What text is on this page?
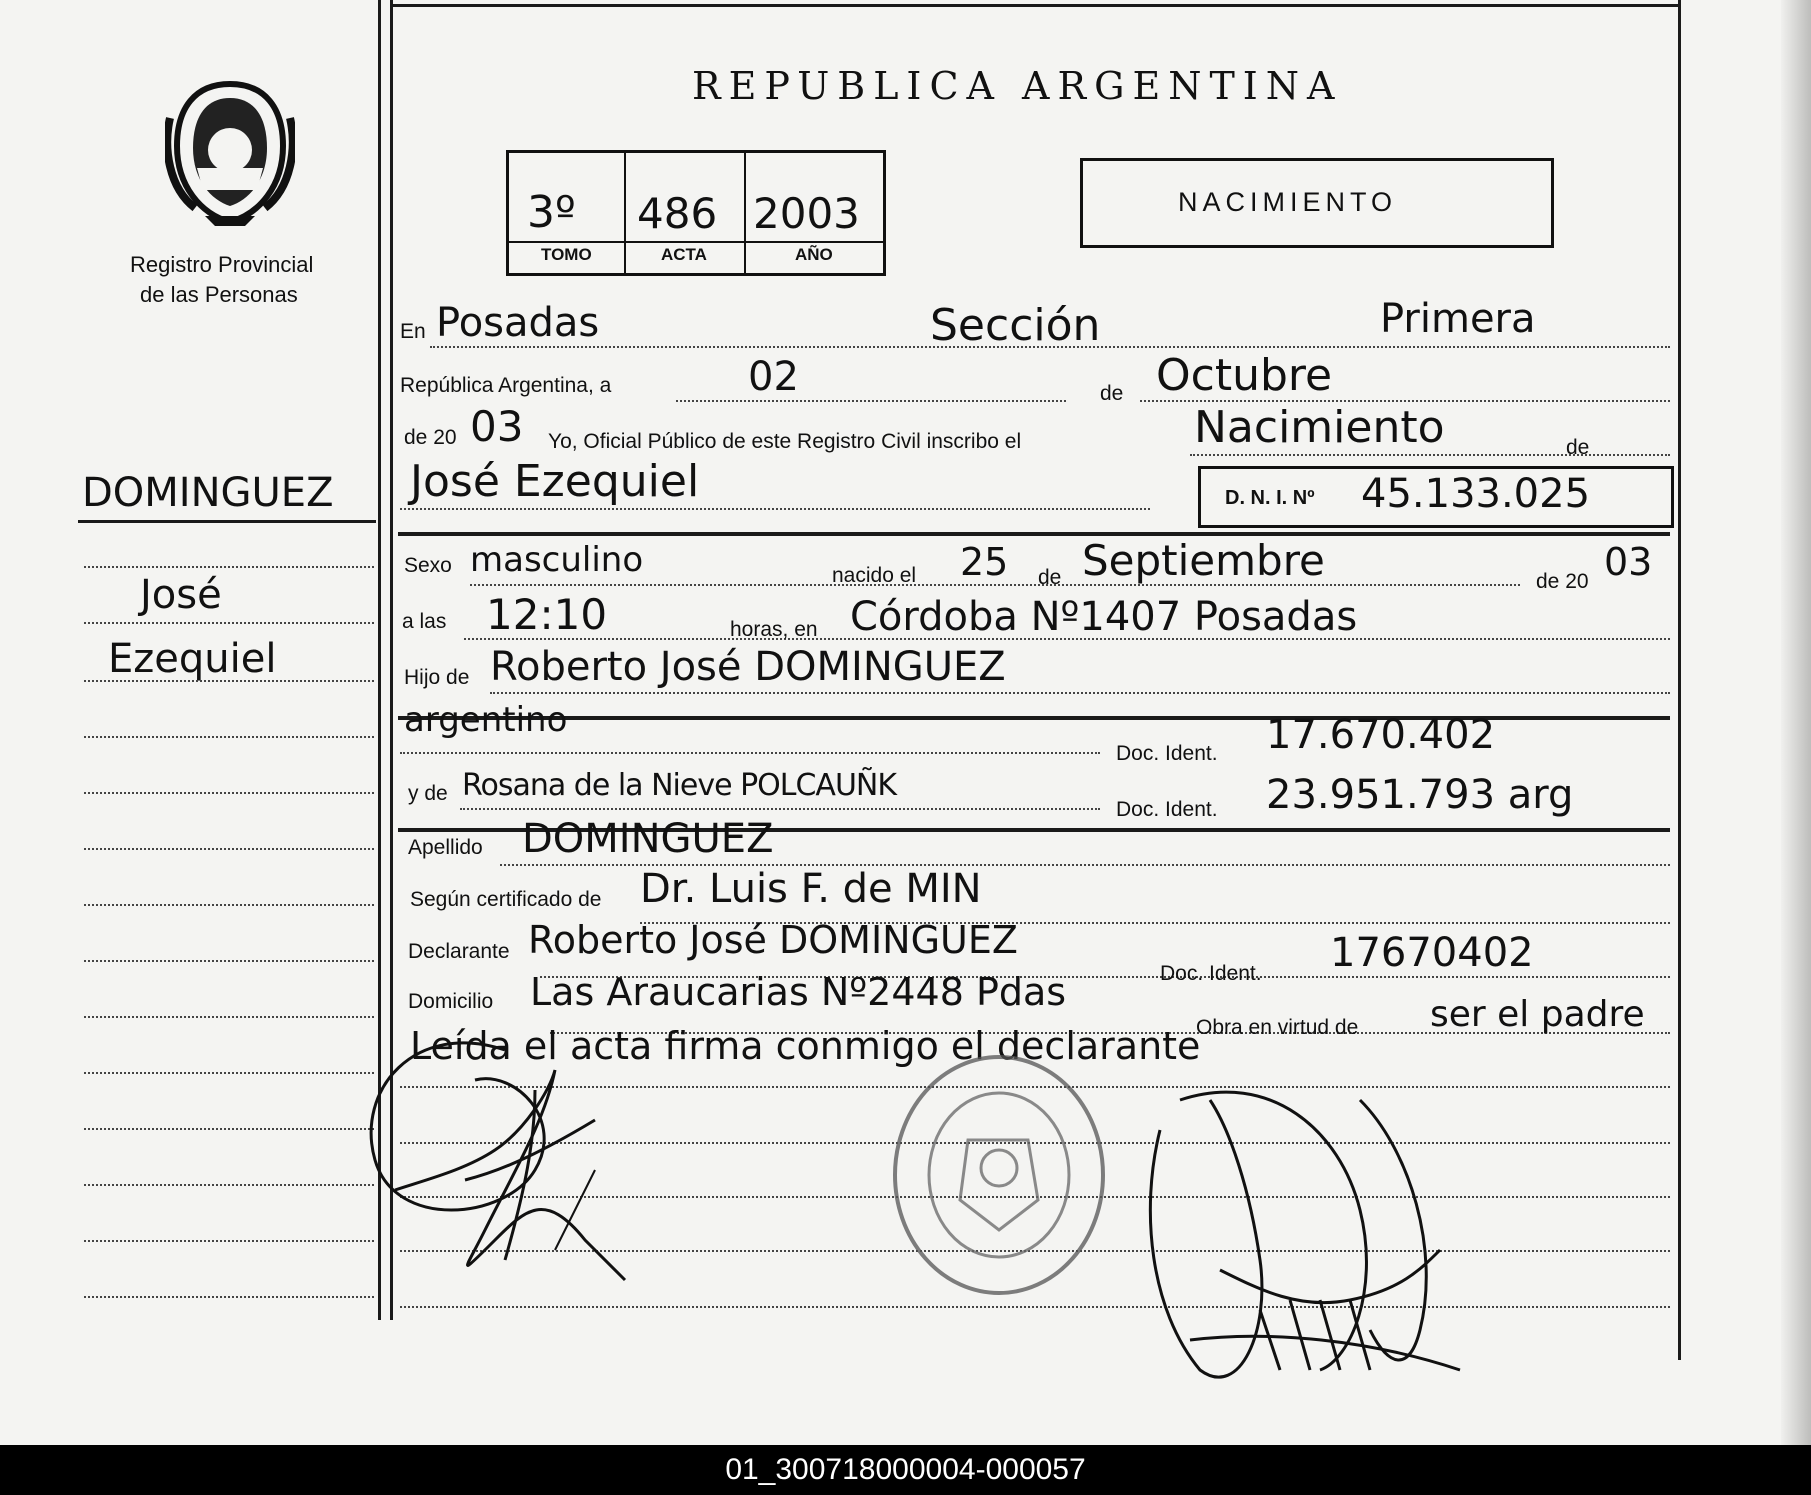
Registro Provincial
de las Personas
REPUBLICA ARGENTINA
3º 486 2003
TOMO	ACTA	AÑO
NACIMIENTO
DOMINGUEZ
José
Ezequiel
En Posadas	Sección	Primera
República Argentina, a	02	de Octubre
de 20 03 Yo, Oficial Público de este Registro Civil inscribo el	Nacimiento	de
José Ezequiel	D. N. I. Nº 45.133.025
Sexo masculino	nacido el 25 de Septiembre	de 20 03
a las 12:10	horas, en Córdoba Nº1407 Posadas
Hijo de Roberto José DOMINGUEZ
argentino
Doc. Ident. 17.670.402
y de Rosana de la Nieve POLCAUÑK
Doc. Ident. 23.951.793 arg
Apellido DOMINGUEZ
Según certificado de Dr. Luis F. de MIN
Declarante Roberto José DOMINGUEZ
Doc. Ident. 17670402
Domicilio Las Araucarias Nº2448 Pdas
Obra en virtud de ser el padre
Leída el acta firma conmigo el declarante
01_300718000004-000057
